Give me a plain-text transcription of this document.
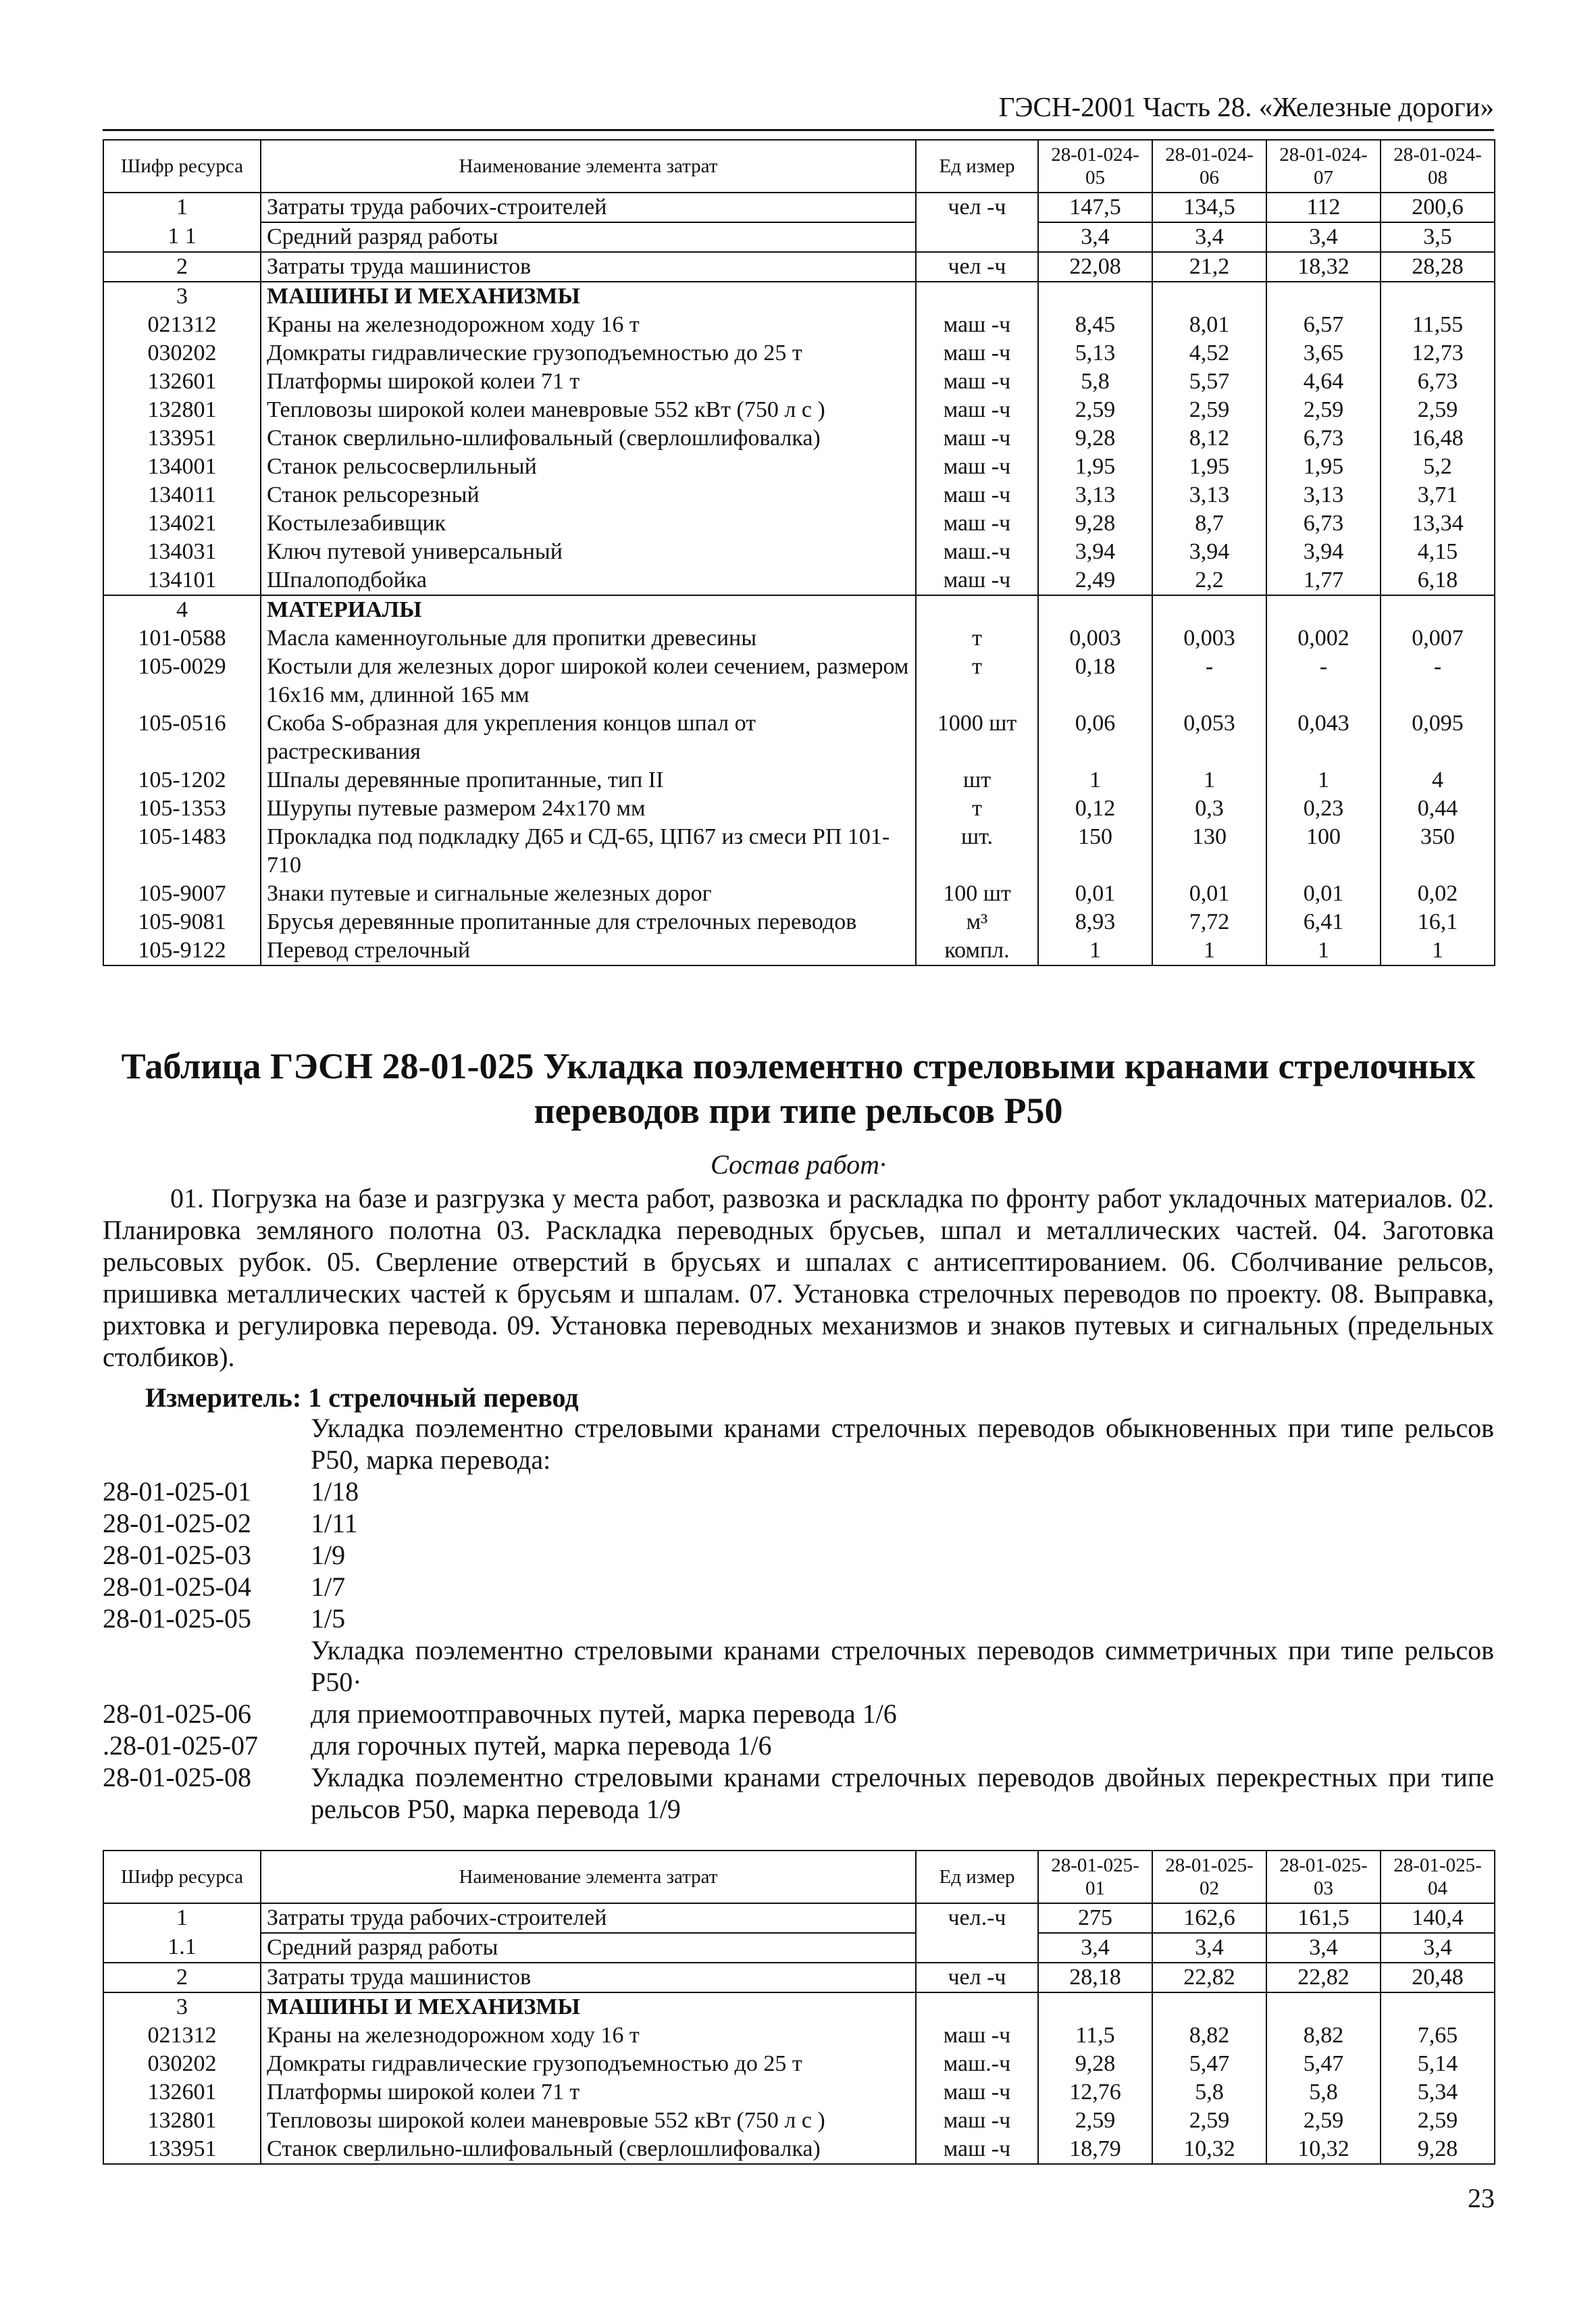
ГЭСН-2001 Часть 28. «Железные дороги»
Шифр ресурса	Наименование элемента затрат	Ед измер	28-01-024-05	28-01-024-06	28-01-024-07	28-01-024-08
1	Затраты труда рабочих-строителей	чел -ч	147,5	134,5	112	200,6
1 1	Средний разряд работы		3,4	3,4	3,4	3,5
2	Затраты труда машинистов	чел -ч	22,08	21,2	18,32	28,28
3	МАШИНЫ И МЕХАНИЗМЫ					
021312	Краны на железнодорожном ходу 16 т	маш -ч	8,45	8,01	6,57	11,55
030202	Домкраты гидравлические грузоподъемностью до 25 т	маш -ч	5,13	4,52	3,65	12,73
132601	Платформы широкой колеи 71 т	маш -ч	5,8	5,57	4,64	6,73
132801	Тепловозы широкой колеи маневровые 552 кВт (750 л с )	маш -ч	2,59	2,59	2,59	2,59
133951	Станок сверлильно-шлифовальный (сверлошлифовалка)	маш -ч	9,28	8,12	6,73	16,48
134001	Станок рельсосверлильный	маш -ч	1,95	1,95	1,95	5,2
134011	Станок рельсорезный	маш -ч	3,13	3,13	3,13	3,71
134021	Костылезабивщик	маш -ч	9,28	8,7	6,73	13,34
134031	Ключ путевой универсальный	маш.-ч	3,94	3,94	3,94	4,15
134101	Шпалоподбойка	маш -ч	2,49	2,2	1,77	6,18
4	МАТЕРИАЛЫ					
101-0588	Масла каменноугольные для пропитки древесины	т	0,003	0,003	0,002	0,007
105-0029	Костыли для железных дорог широкой колеи сечением, размером 16х16 мм, длинной 165 мм	т	0,18	-	-	-
105-0516	Скоба S-образная для укрепления концов шпал от растрескивания	1000 шт	0,06	0,053	0,043	0,095
105-1202	Шпалы деревянные пропитанные, тип II	шт	1	1	1	4
105-1353	Шурупы путевые размером 24х170 мм	т	0,12	0,3	0,23	0,44
105-1483	Прокладка под подкладку Д65 и СД-65, ЦП67 из смеси РП 101-710	шт.	150	130	100	350
105-9007	Знаки путевые и сигнальные железных дорог	100 шт	0,01	0,01	0,01	0,02
105-9081	Брусья деревянные пропитанные для стрелочных переводов	м³	8,93	7,72	6,41	16,1
105-9122	Перевод стрелочный	компл.	1	1	1	1
Таблица ГЭСН 28-01-025 Укладка поэлементно стреловыми кранами стрелочных переводов при типе рельсов Р50
Состав работ·

01. Погрузка на базе и разгрузка у места работ, развозка и раскладка по фронту работ укладочных материалов. 02. Планировка земляного полотна 03. Раскладка переводных брусьев, шпал и металлических частей. 04. Заготовка рельсовых рубок. 05. Сверление отверстий в брусьях и шпалах с антисептированием. 06. Сболчивание рельсов, пришивка металлических частей к брусьям и шпалам. 07. Установка стрелочных переводов по проекту. 08. Выправка, рихтовка и регулировка перевода. 09. Установка переводных механизмов и знаков путевых и сигнальных (предельных столбиков).

Измеритель: 1 стрелочный перевод
Укладка поэлементно стреловыми кранами стрелочных переводов обыкновенных при типе рельсов Р50, марка перевода:
28-01-025-01	1/18
28-01-025-02	1/11
28-01-025-03	1/9
28-01-025-04	1/7
28-01-025-05	1/5
Укладка поэлементно стреловыми кранами стрелочных переводов симметричных при типе рельсов Р50·
28-01-025-06	для приемоотправочных путей, марка перевода 1/6
.28-01-025-07	для горочных путей, марка перевода 1/6
28-01-025-08	Укладка поэлементно стреловыми кранами стрелочных переводов двойных перекрестных при типе рельсов Р50, марка перевода 1/9
Шифр ресурса	Наименование элемента затрат	Ед измер	28-01-025-01	28-01-025-02	28-01-025-03	28-01-025-04
1	Затраты труда рабочих-строителей	чел.-ч	275	162,6	161,5	140,4
1.1	Средний разряд работы		3,4	3,4	3,4	3,4
2	Затраты труда машинистов	чел -ч	28,18	22,82	22,82	20,48
3	МАШИНЫ И МЕХАНИЗМЫ					
021312	Краны на железнодорожном ходу 16 т	маш -ч	11,5	8,82	8,82	7,65
030202	Домкраты гидравлические грузоподъемностью до 25 т	маш.-ч	9,28	5,47	5,47	5,14
132601	Платформы широкой колеи 71 т	маш -ч	12,76	5,8	5,8	5,34
132801	Тепловозы широкой колеи маневровые 552 кВт (750 л с )	маш -ч	2,59	2,59	2,59	2,59
133951	Станок сверлильно-шлифовальный (сверлошлифовалка)	маш -ч	18,79	10,32	10,32	9,28
23
